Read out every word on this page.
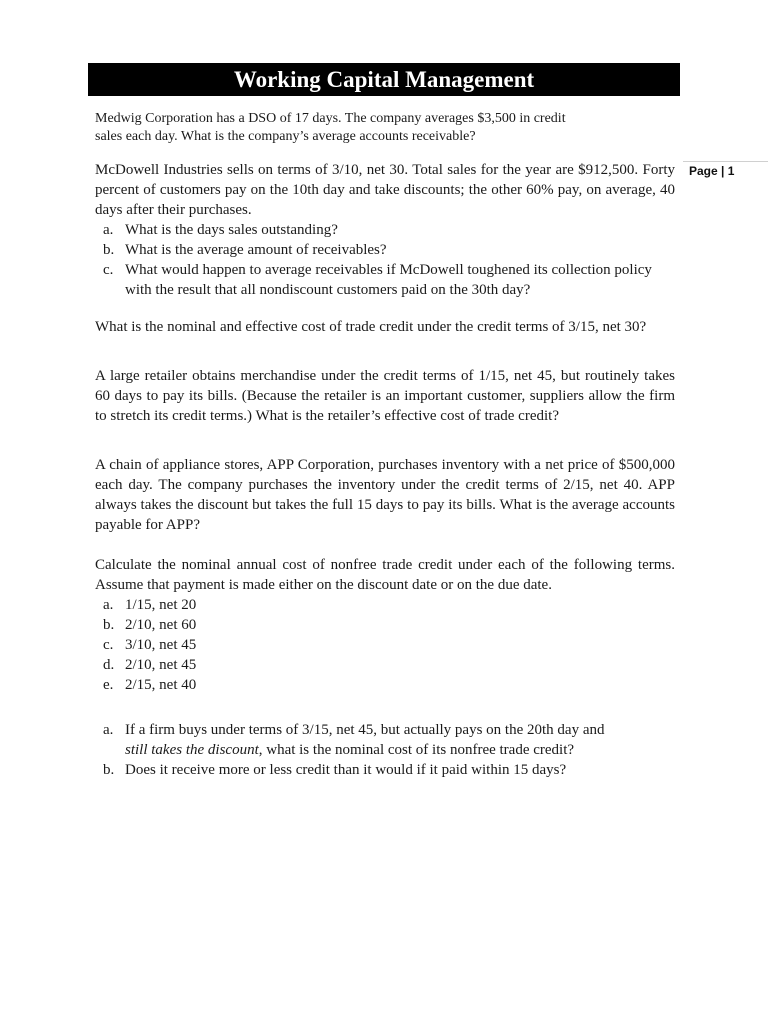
Working Capital Management
Page | 1
Medwig Corporation has a DSO of 17 days. The company averages $3,500 in credit
sales each day. What is the company’s average accounts receivable?

McDowell Industries sells on terms of 3/10, net 30. Total sales for the year are $912,500. Forty percent of customers pay on the 10th day and take discounts; the other 60% pay, on average, 40 days after their purchases.

a. What is the days sales outstanding?
b. What is the average amount of receivables?
c. What would happen to average receivables if McDowell toughened its collection policy with the result that all nondiscount customers paid on the 30th day?

What is the nominal and effective cost of trade credit under the credit terms of 3/15, net 30?

A large retailer obtains merchandise under the credit terms of 1/15, net 45, but routinely takes 60 days to pay its bills. (Because the retailer is an important customer, suppliers allow the firm to stretch its credit terms.) What is the retailer’s effective cost of trade credit?

A chain of appliance stores, APP Corporation, purchases inventory with a net price of $500,000 each day. The company purchases the inventory under the credit terms of 2/15, net 40. APP always takes the discount but takes the full 15 days to pay its bills. What is the average accounts payable for APP?

Calculate the nominal annual cost of nonfree trade credit under each of the following terms. Assume that payment is made either on the discount date or on the due date.

a. 1/15, net 20
b. 2/10, net 60
c. 3/10, net 45
d. 2/10, net 45
e. 2/15, net 40
a. If a firm buys under terms of 3/15, net 45, but actually pays on the 20th day and
still takes the discount, what is the nominal cost of its nonfree trade credit?
b. Does it receive more or less credit than it would if it paid within 15 days?
